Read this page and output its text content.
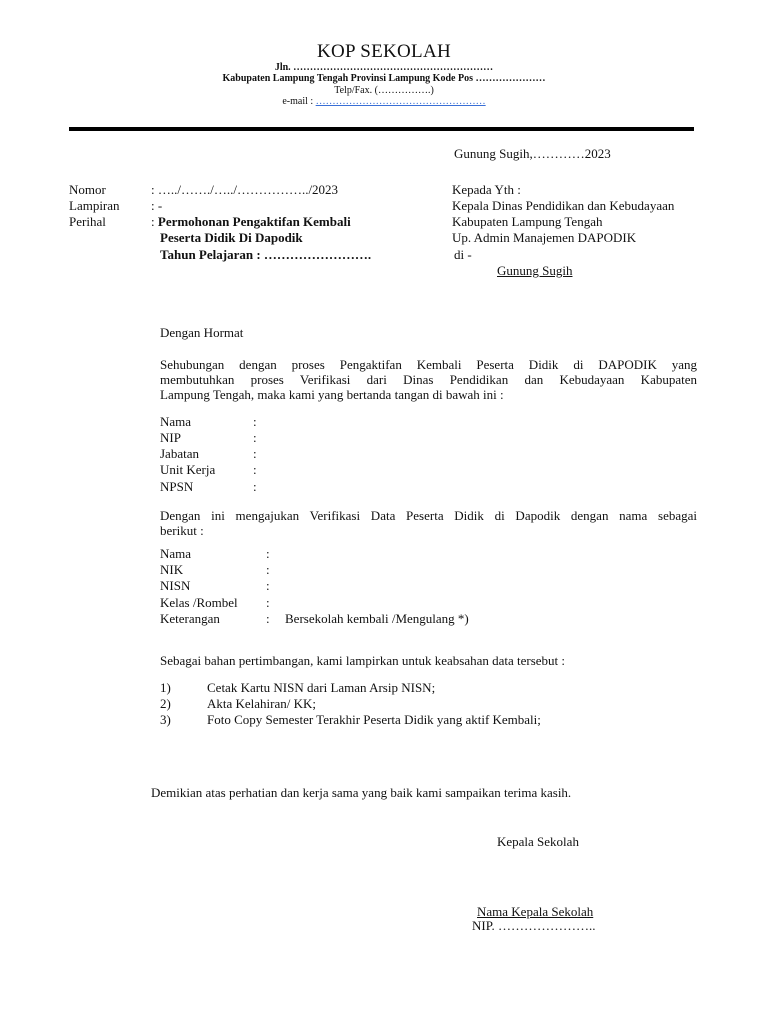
KOP SEKOLAH
Jln. ……………………………………………………
Kabupaten Lampung Tengah Provinsi Lampung Kode Pos …………………
Telp/Fax. (…………….)
e-mail : ……………………………………………
Gunung Sugih,…………2023
Nomor	: …../……./…../……………../2023
Lampiran : -
Perihal	: Permohonan Pengaktifan Kembali
Peserta Didik Di Dapodik
Tahun Pelajaran : …………………….
Kepada Yth :
Kepala Dinas Pendidikan dan Kebudayaan
Kabupaten Lampung Tengah
Up. Admin Manajemen DAPODIK
di -
Gunung Sugih
Dengan Hormat
Sehubungan dengan proses Pengaktifan Kembali Peserta Didik di DAPODIK yang
membutuhkan proses Verifikasi dari Dinas Pendidikan dan Kebudayaan Kabupaten
Lampung Tengah, maka kami yang bertanda tangan di bawah ini :
Nama	:
NIP	:
Jabatan	:
Unit Kerja	:
NPSN	:
Dengan ini mengajukan Verifikasi Data Peserta Didik di Dapodik dengan nama sebagai
berikut :
Nama	:
NIK	:
NISN	:
Kelas /Rombel :
Keterangan	: Bersekolah kembali /Mengulang *)
Sebagai bahan pertimbangan, kami lampirkan untuk keabsahan data tersebut :
1)	Cetak Kartu NISN dari Laman Arsip NISN;
2)	Akta Kelahiran/ KK;
3)	Foto Copy Semester Terakhir Peserta Didik yang aktif Kembali;
Demikian atas perhatian dan kerja sama yang baik kami sampaikan terima kasih.
Kepala Sekolah
Nama Kepala Sekolah
NIP. …………………..
